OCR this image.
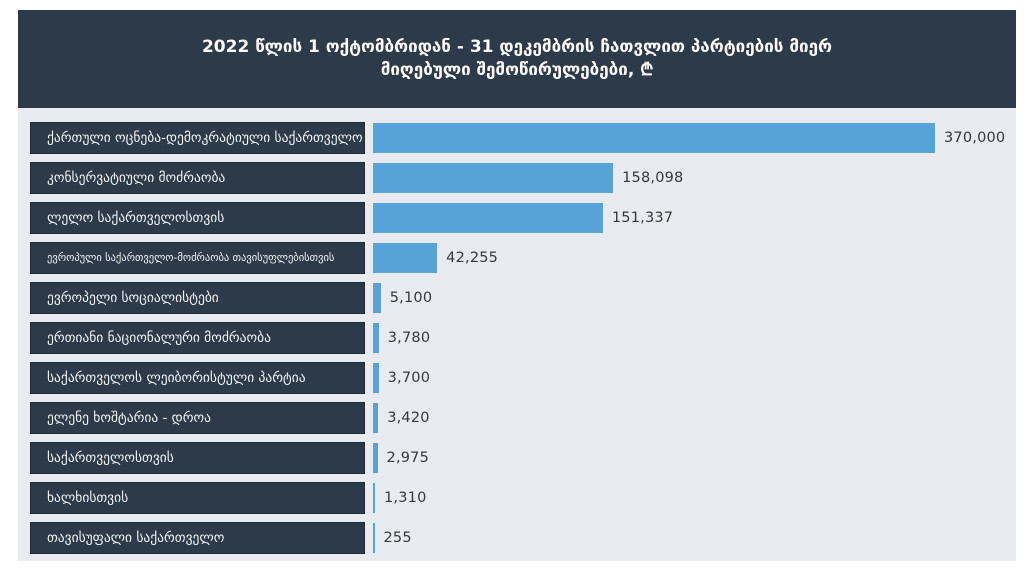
2022 წლის 1 ოქტომბრიდან - 31 დეკემბრის ჩათვლით პარტიების მიერ
მიღებული შემოწირულებები, ₾
ქართული ოცნება-დემოკრატიული საქართველო	370,000
კონსერვატიული მოძრაობა	158,098
ლელო საქართველოსთვის	151,337
ევროპული საქართველო-მოძრაობა თავისუფლებისთვის	42,255
ევროპელი სოციალისტები	5,100
ერთიანი ნაციონალური მოძრაობა	3,780
საქართველოს ლეიბორისტული პარტია	3,700
ელენე ხოშტარია - დროა	3,420
საქართველოსთვის	2,975
ხალხისთვის	1,310
თავისუფალი საქართველო	255
